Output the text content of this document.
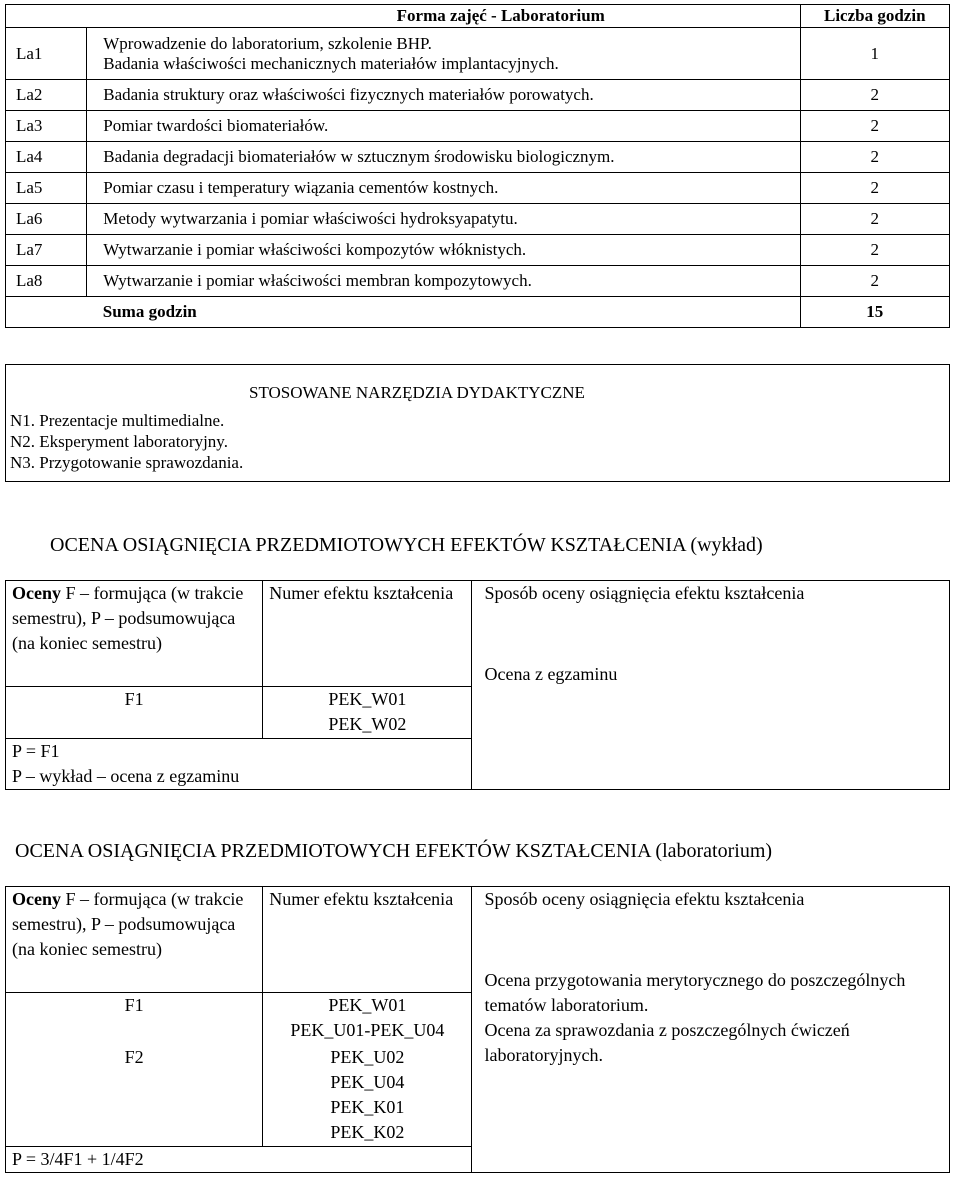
Forma zajęć - Laboratorium		Liczba godzin
La1	Wprowadzenie do laboratorium, szkolenie BHP.
Badania właściwości mechanicznych materiałów implantacyjnych.	1
La2	Badania struktury oraz właściwości fizycznych materiałów porowatych.	2
La3	Pomiar twardości biomateriałów.	2
La4	Badania degradacji biomateriałów w sztucznym środowisku biologicznym.	2
La5	Pomiar czasu i temperatury wiązania cementów kostnych.	2
La6	Metody wytwarzania i pomiar właściwości hydroksyapatytu.	2
La7	Wytwarzanie i pomiar właściwości kompozytów włóknistych.	2
La8	Wytwarzanie i pomiar właściwości membran kompozytowych.	2
	Suma godzin	15
STOSOWANE NARZĘDZIA DYDAKTYCZNE
N1. Prezentacje multimedialne.
N2. Eksperyment laboratoryjny.
N3. Przygotowanie sprawozdania.
OCENA OSIĄGNIĘCIA PRZEDMIOTOWYCH EFEKTÓW KSZTAŁCENIA (wykład)
Oceny F – formująca (w trakcie semestru), P – podsumowująca (na koniec semestru)	Numer efektu kształcenia	Sposób oceny osiągnięcia efektu kształcenia
Ocena z egzaminu

F1	PEK_W01
PEK_W02	

P = F1
P – wykład – ocena z egzaminu		
OCENA OSIĄGNIĘCIA PRZEDMIOTOWYCH EFEKTÓW KSZTAŁCENIA (laboratorium)
Oceny F – formująca (w trakcie semestru), P – podsumowująca (na koniec semestru)	Numer efektu kształcenia	Sposób oceny osiągnięcia efektu kształcenia
Ocena przygotowania merytorycznego do poszczególnych tematów laboratorium.
Ocena za sprawozdania z poszczególnych ćwiczeń laboratoryjnych.

F1	PEK_W01
PEK_U01-PEK_U04	

F2	PEK_U02
PEK_U04
PEK_K01
PEK_K02	

P = 3/4F1 + 1/4F2		
